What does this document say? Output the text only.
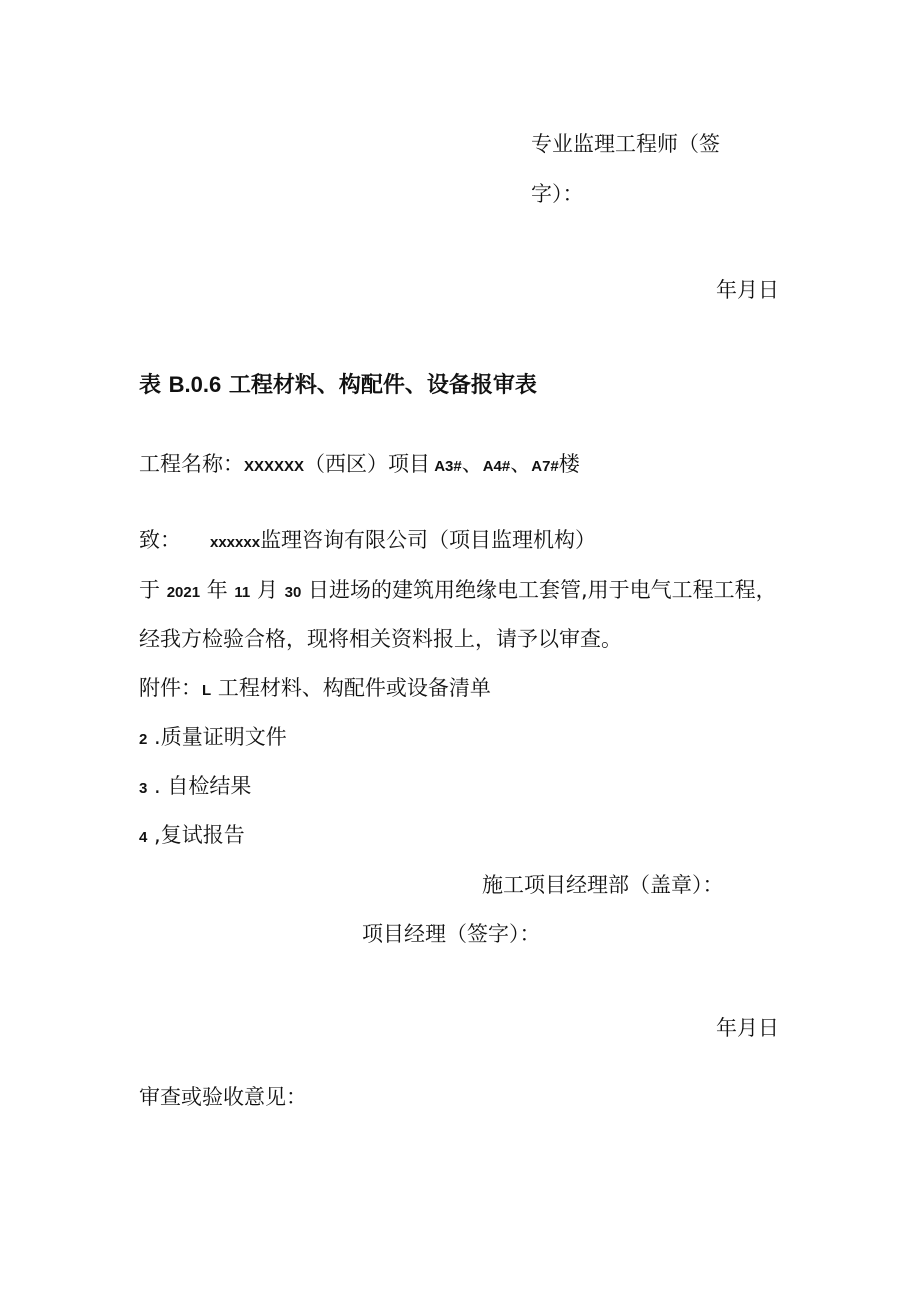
专业监理工程师（签
字）：
年月日
表 B.0.6 工程材料、构配件、设备报审表
工程名称：XXXXXX（西区）项目 A3#、A4#、A7#楼
致： xxxxxx监理咨询有限公司（项目监理机构）
于 2021 年 11 月 30 日进场的建筑用绝缘电工套管,用于电气工程工程，
经我方检验合格，现将相关资料报上，请予以审查。
附件：L 工程材料、构配件或设备清单
2 .质量证明文件
3 . 自检结果
4 ,复试报告
施工项目经理部（盖章）：
项目经理（签字）：
年月日
审查或验收意见：
